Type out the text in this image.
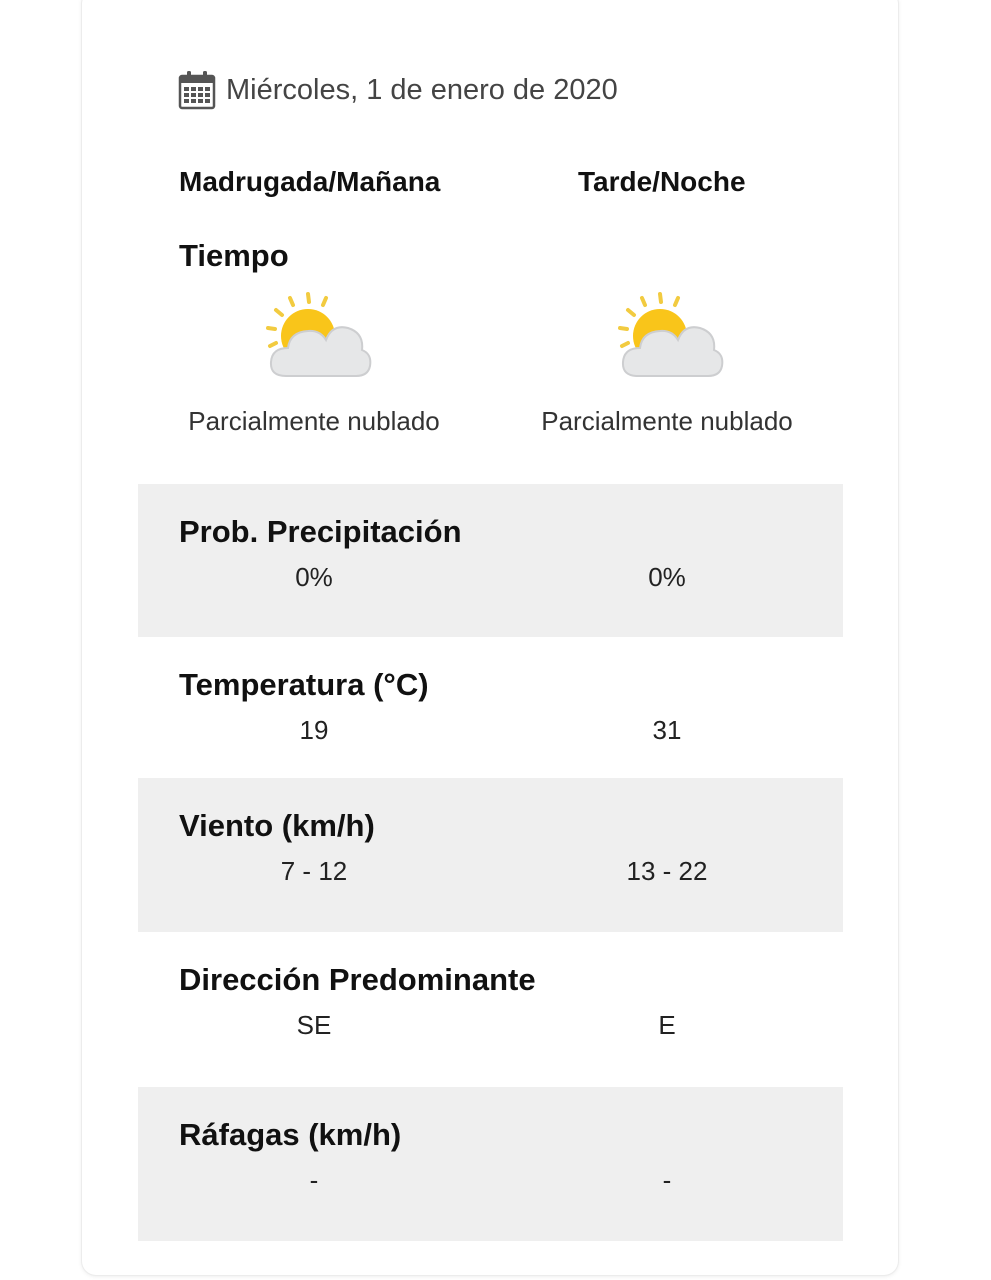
Miércoles, 1 de enero de 2020
Madrugada/Mañana	Tarde/Noche
Tiempo
Parcialmente nublado	Parcialmente nublado
Prob. Precipitación
0%	0%
Temperatura (°C)
19	31
Viento (km/h)
7 - 12	13 - 22
Dirección Predominante
SE	E
Ráfagas (km/h)
-	-
